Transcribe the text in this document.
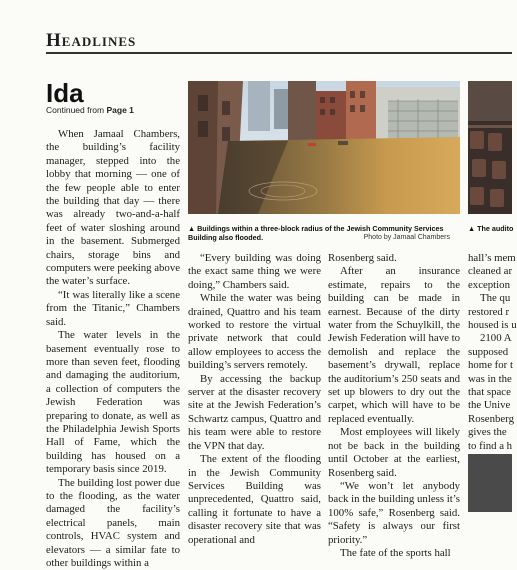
Headlines
Ida
Continued from Page 1

When Jamaal Chambers, the building’s facility manager, stepped into the lobby that morning — one of the few people able to enter the building that day — there was already two-and-a-half feet of water sloshing around in the basement. Submerged chairs, storage bins and computers were peeking above the water’s surface.

“It was literally like a scene from the Titanic,” Chambers said.

The water levels in the basement eventually rose to more than seven feet, flooding and damaging the auditorium, a collection of computers the Jewish Federation was preparing to donate, as well as the Philadelphia Jewish Sports Hall of Fame, which the building has housed on a temporary basis since 2019.

The building lost power due to the flooding, as the water damaged the facility’s electrical panels, main controls, HVAC system and elevators — a similar fate to other buildings within a

▲ Buildings within a three-block radius of the Jewish Community Services Building also flooded.	Photo by Jamaal Chambers
▲ The audito

“Every building was doing the exact same thing we were doing,” Chambers said.

While the water was being drained, Quattro and his team worked to restore the virtual private network that could allow employees to access the building’s servers remotely.

By accessing the backup server at the disaster recovery site at the Jewish Federation’s Schwartz campus, Quattro and his team were able to restore the VPN that day.

The extent of the flooding in the Jewish Community Services Building was unprecedented, Quattro said, calling it fortunate to have a disaster recovery site that was operational and

Rosenberg said.

After an insurance estimate, repairs to the building can be made in earnest. Because of the dirty water from the Schuylkill, the Jewish Federation will have to demolish and replace the basement’s drywall, replace the auditorium’s 250 seats and set up blowers to dry out the carpet, which will have to be replaced eventually.

Most employees will likely not be back in the building until October at the earliest, Rosenberg said.

“We won’t let anybody back in the building unless it’s 100% safe,” Rosenberg said. “Safety is always our first priority.”

The fate of the sports hall

hall’s mem

cleaned ar

exception

The qu

restored r

housed is u

2100 A

supposed

home for t

was in the

that space

the Unive

Rosenberg

gives the

to find a h
